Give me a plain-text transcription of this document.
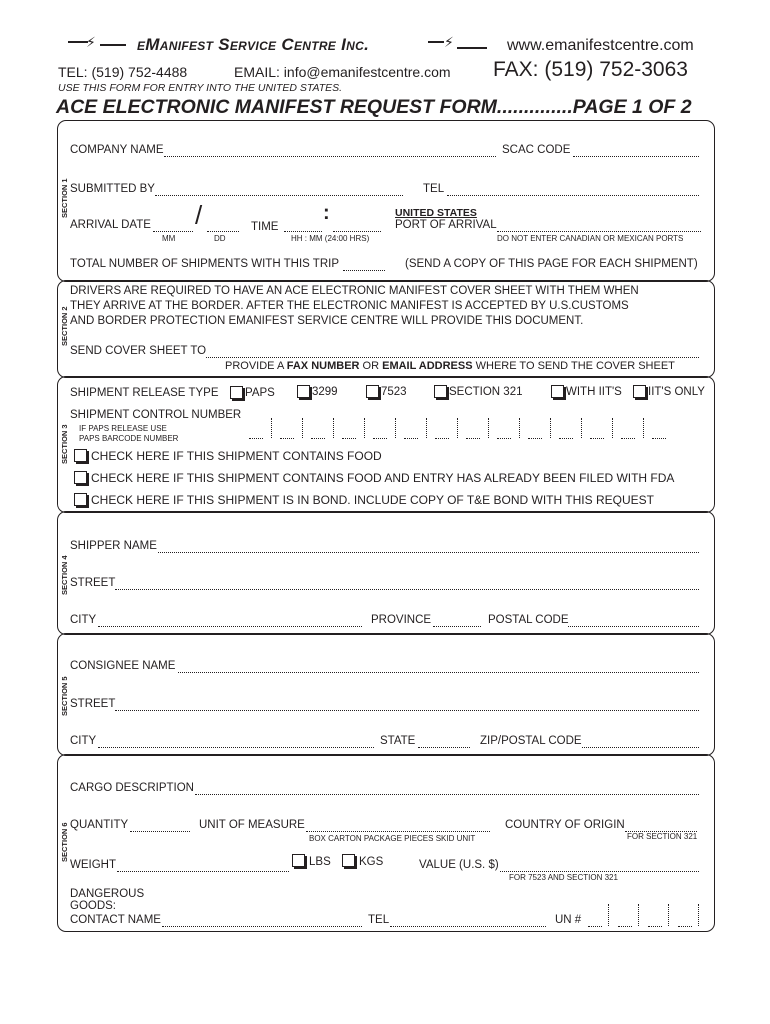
⚡ eManifest Service Centre Inc.	⚡	www.emanifestcentre.com
TEL: (519) 752-4488	EMAIL: info@emanifestcentre.com FAX: (519) 752-3063
USE THIS FORM FOR ENTRY INTO THE UNITED STATES.
ACE ELECTRONIC MANIFEST REQUEST FORM..............PAGE 1 OF 2
SECTION 1
COMPANY NAME	SCAC CODE
SUBMITTED BY	TEL
ARRIVAL DATE /
MM	DD
TIME
:
HH : MM (24:00 HRS)
UNITED STATES
PORT OF ARRIVAL
DO NOT ENTER CANADIAN OR MEXICAN PORTS
TOTAL NUMBER OF SHIPMENTS WITH THIS TRIP	(SEND A COPY OF THIS PAGE FOR EACH SHIPMENT)
SECTION 2
DRIVERS ARE REQUIRED TO HAVE AN ACE ELECTRONIC MANIFEST COVER SHEET WITH THEM WHEN
THEY ARRIVE AT THE BORDER. AFTER THE ELECTRONIC MANIFEST IS ACCEPTED BY U.S.CUSTOMS
AND BORDER PROTECTION EMANIFEST SERVICE CENTRE WILL PROVIDE THIS DOCUMENT.
SEND COVER SHEET TO
PROVIDE A FAX NUMBER OR EMAIL ADDRESS WHERE TO SEND THE COVER SHEET
SECTION 3
SHIPMENT RELEASE TYPE PAPS	3299	7523	SECTION 321	WITH IIT'S IIT'S ONLY
SHIPMENT CONTROL NUMBER
IF PAPS RELEASE USE
PAPS BARCODE NUMBER
CHECK HERE IF THIS SHIPMENT CONTAINS FOOD
CHECK HERE IF THIS SHIPMENT CONTAINS FOOD AND ENTRY HAS ALREADY BEEN FILED WITH FDA
CHECK HERE IF THIS SHIPMENT IS IN BOND. INCLUDE COPY OF T&E BOND WITH THIS REQUEST
SECTION 4
SHIPPER NAME
STREET
CITY	PROVINCE	POSTAL CODE
SECTION 5
CONSIGNEE NAME
STREET
CITY	STATE	ZIP/POSTAL CODE
SECTION 6
CARGO DESCRIPTION
QUANTITY	UNIT OF MEASURE
BOX CARTON PACKAGE PIECES SKID UNIT
COUNTRY OF ORIGIN
FOR SECTION 321
WEIGHT	LBS KGS	VALUE (U.S. $)
FOR 7523 AND SECTION 321
DANGEROUS
GOODS:
CONTACT NAME	TEL	UN #
